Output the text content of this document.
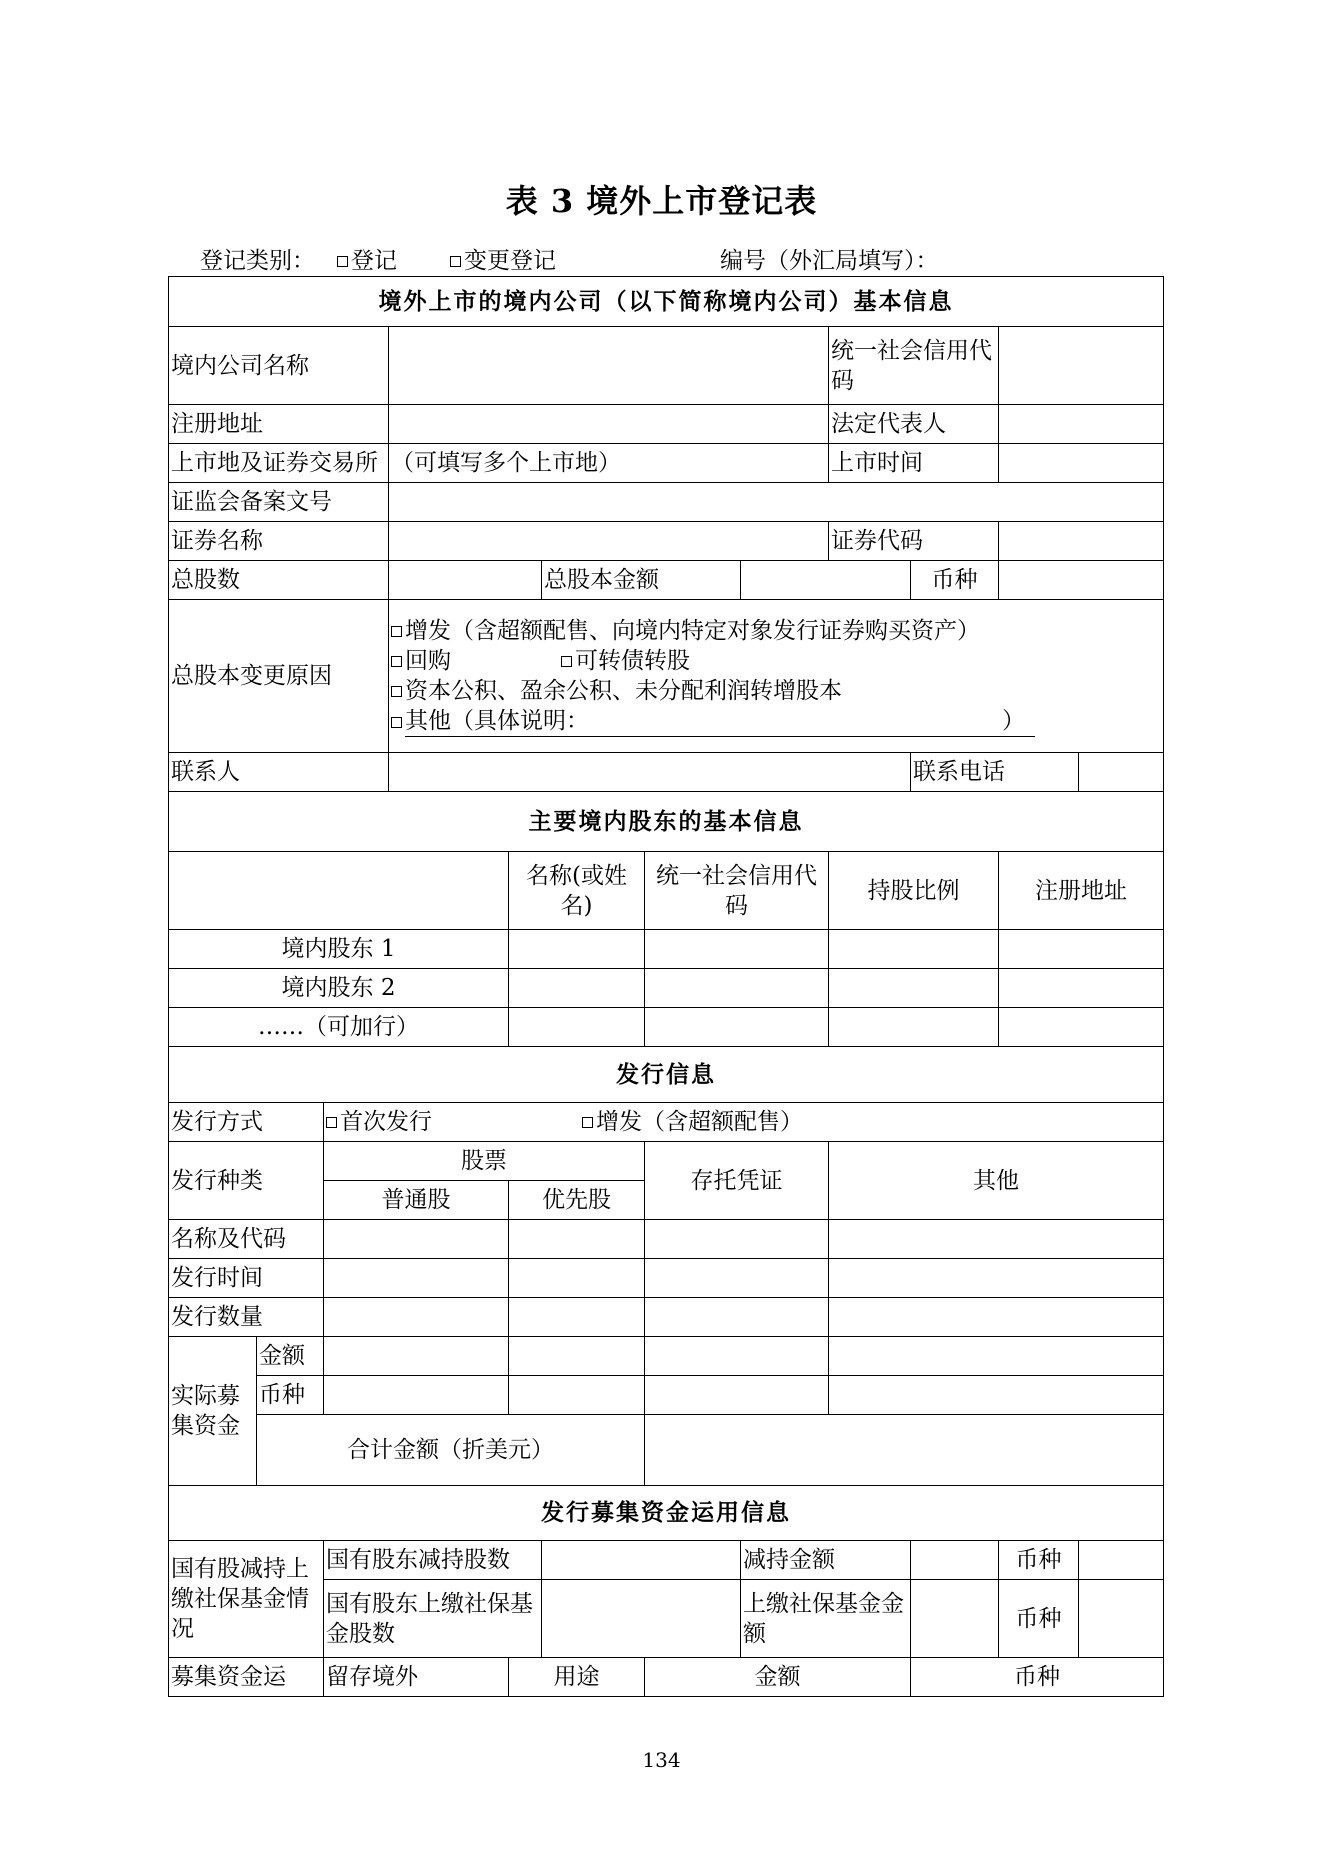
表 3 境外上市登记表
登记类别：	登记	变更登记	编号（外汇局填写）：
境外上市的境内公司（以下简称境内公司）基本信息											
境内公司名称								统一社会信用代码			
注册地址								法定代表人			
上市地及证券交易所			（可填写多个上市地）					上市时间			
证监会备案文号											
证券名称								证券代码			
总股数					总股本金额				币种		
总股本变更原因			增发（含超额配售、向境内特定对象发行证券购买资产）
回购 可转债转股
资本公积、盈余公积、未分配利润转增股本
其他（具体说明： ）								

联系人									联系电话		
主要境内股东的基本信息											
				名称(或姓名)		统一社会信用代码		持股比例		注册地址	
境内股东 1											
境内股东 2											
……（可加行）											
发行信息											
发行方式		首次发行 增发（含超额配售）									
发行种类		股票				存托凭证		其他			
		普通股		优先股							
名称及代码											
发行时间											
发行数量											
实际募集资金	金额										
	币种										
	合计金额（折美元）										
发行募集资金运用信息											
国有股减持上缴社保基金情况		国有股东减持股数					减持金额			币种	
		国有股东上缴社保基金股数					上缴社保基金金额			币种	
募集资金运		留存境外		用途		金额			币种		
134
